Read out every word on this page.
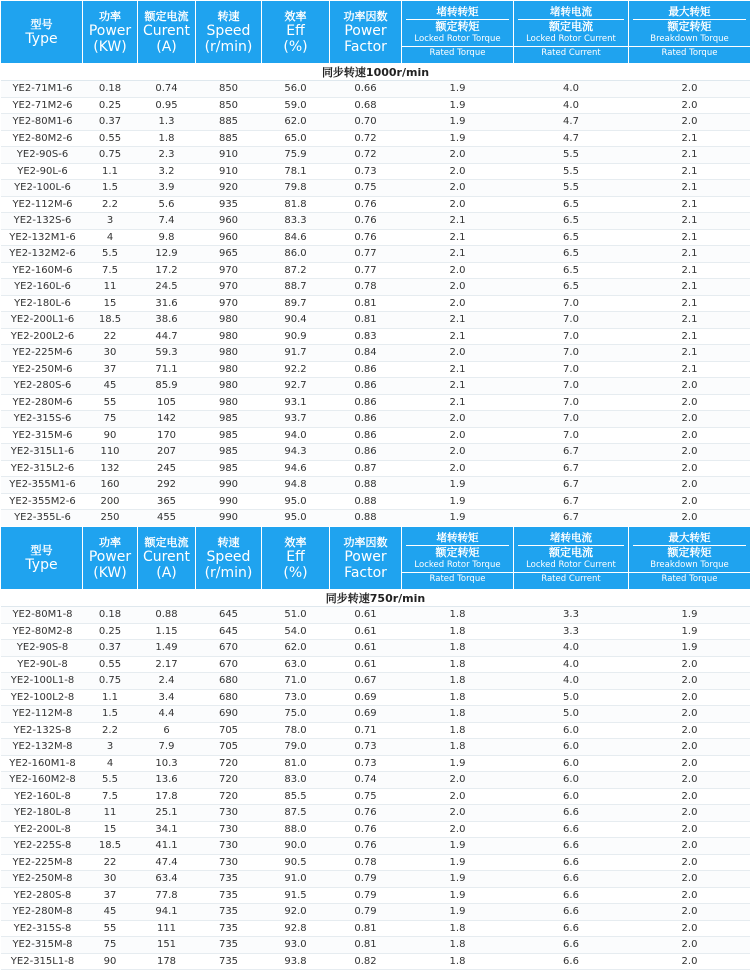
型号
Type	功率
Power
(KW)	额定电流
Curent
(A)	转速
Speed
(r/min)	效率
Eff
(%)	功率因数
Power
Factor	堵转转矩
额定转矩
Locked Rotor Torque
Rated Torque	堵转电流
额定电流
Locked Rotor Current
Rated Current	最大转矩
额定转矩
Breakdown Torque
Rated Torque

同步转速1000r/min								
YE2-71M1-6	0.18	0.74	850	56.0	0.66	1.9	4.0	2.0
YE2-71M2-6	0.25	0.95	850	59.0	0.68	1.9	4.0	2.0
YE2-80M1-6	0.37	1.3	885	62.0	0.70	1.9	4.7	2.0
YE2-80M2-6	0.55	1.8	885	65.0	0.72	1.9	4.7	2.1
YE2-90S-6	0.75	2.3	910	75.9	0.72	2.0	5.5	2.1
YE2-90L-6	1.1	3.2	910	78.1	0.73	2.0	5.5	2.1
YE2-100L-6	1.5	3.9	920	79.8	0.75	2.0	5.5	2.1
YE2-112M-6	2.2	5.6	935	81.8	0.76	2.0	6.5	2.1
YE2-132S-6	3	7.4	960	83.3	0.76	2.1	6.5	2.1
YE2-132M1-6	4	9.8	960	84.6	0.76	2.1	6.5	2.1
YE2-132M2-6	5.5	12.9	965	86.0	0.77	2.1	6.5	2.1
YE2-160M-6	7.5	17.2	970	87.2	0.77	2.0	6.5	2.1
YE2-160L-6	11	24.5	970	88.7	0.78	2.0	6.5	2.1
YE2-180L-6	15	31.6	970	89.7	0.81	2.0	7.0	2.1
YE2-200L1-6	18.5	38.6	980	90.4	0.81	2.1	7.0	2.1
YE2-200L2-6	22	44.7	980	90.9	0.83	2.1	7.0	2.1
YE2-225M-6	30	59.3	980	91.7	0.84	2.0	7.0	2.1
YE2-250M-6	37	71.1	980	92.2	0.86	2.1	7.0	2.1
YE2-280S-6	45	85.9	980	92.7	0.86	2.1	7.0	2.0
YE2-280M-6	55	105	980	93.1	0.86	2.1	7.0	2.0
YE2-315S-6	75	142	985	93.7	0.86	2.0	7.0	2.0
YE2-315M-6	90	170	985	94.0	0.86	2.0	7.0	2.0
YE2-315L1-6	110	207	985	94.3	0.86	2.0	6.7	2.0
YE2-315L2-6	132	245	985	94.6	0.87	2.0	6.7	2.0
YE2-355M1-6	160	292	990	94.8	0.88	1.9	6.7	2.0
YE2-355M2-6	200	365	990	95.0	0.88	1.9	6.7	2.0
YE2-355L-6	250	455	990	95.0	0.88	1.9	6.7	2.0
型号
Type	功率
Power
(KW)	额定电流
Curent
(A)	转速
Speed
(r/min)	效率
Eff
(%)	功率因数
Power
Factor	堵转转矩
额定转矩
Locked Rotor Torque
Rated Torque	堵转电流
额定电流
Locked Rotor Current
Rated Current	最大转矩
额定转矩
Breakdown Torque
Rated Torque

同步转速750r/min								
YE2-80M1-8	0.18	0.88	645	51.0	0.61	1.8	3.3	1.9
YE2-80M2-8	0.25	1.15	645	54.0	0.61	1.8	3.3	1.9
YE2-90S-8	0.37	1.49	670	62.0	0.61	1.8	4.0	1.9
YE2-90L-8	0.55	2.17	670	63.0	0.61	1.8	4.0	2.0
YE2-100L1-8	0.75	2.4	680	71.0	0.67	1.8	4.0	2.0
YE2-100L2-8	1.1	3.4	680	73.0	0.69	1.8	5.0	2.0
YE2-112M-8	1.5	4.4	690	75.0	0.69	1.8	5.0	2.0
YE2-132S-8	2.2	6	705	78.0	0.71	1.8	6.0	2.0
YE2-132M-8	3	7.9	705	79.0	0.73	1.8	6.0	2.0
YE2-160M1-8	4	10.3	720	81.0	0.73	1.9	6.0	2.0
YE2-160M2-8	5.5	13.6	720	83.0	0.74	2.0	6.0	2.0
YE2-160L-8	7.5	17.8	720	85.5	0.75	2.0	6.0	2.0
YE2-180L-8	11	25.1	730	87.5	0.76	2.0	6.6	2.0
YE2-200L-8	15	34.1	730	88.0	0.76	2.0	6.6	2.0
YE2-225S-8	18.5	41.1	730	90.0	0.76	1.9	6.6	2.0
YE2-225M-8	22	47.4	730	90.5	0.78	1.9	6.6	2.0
YE2-250M-8	30	63.4	735	91.0	0.79	1.9	6.6	2.0
YE2-280S-8	37	77.8	735	91.5	0.79	1.9	6.6	2.0
YE2-280M-8	45	94.1	735	92.0	0.79	1.9	6.6	2.0
YE2-315S-8	55	111	735	92.8	0.81	1.8	6.6	2.0
YE2-315M-8	75	151	735	93.0	0.81	1.8	6.6	2.0
YE2-315L1-8	90	178	735	93.8	0.82	1.8	6.6	2.0
